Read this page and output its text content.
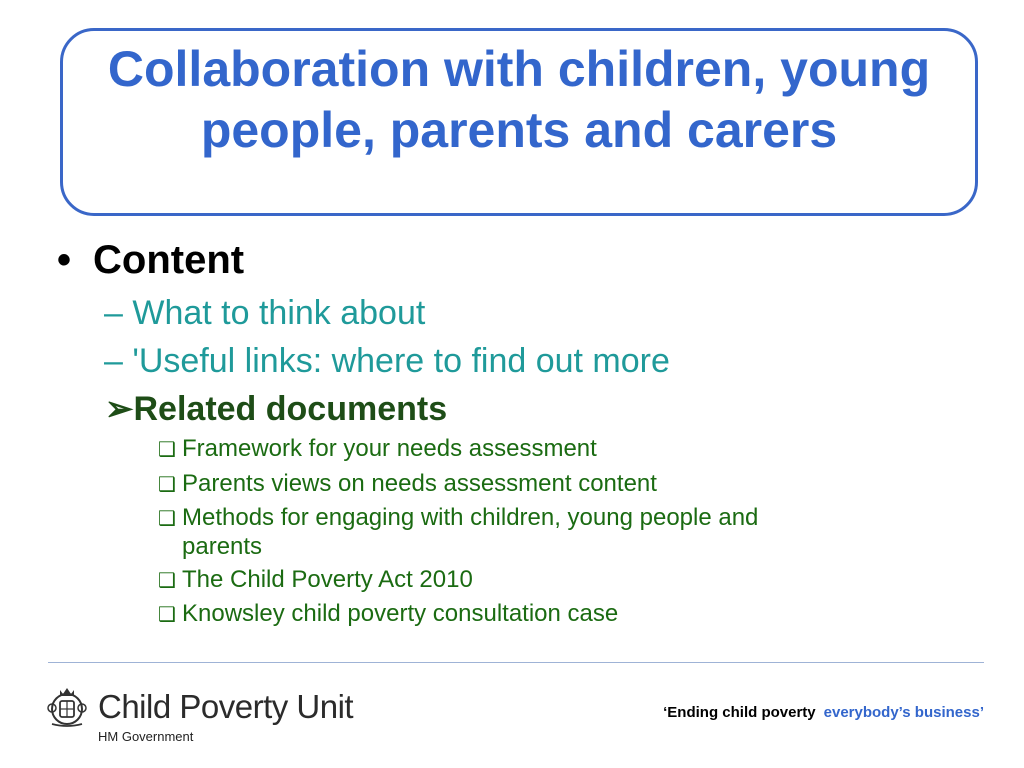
Collaboration with children, young people, parents and carers
• Content
– What to think about
– 'Useful links: where to find out more
➢Related documents
❑ Framework for your needs assessment
❑ Parents views on needs assessment content
❑ Methods for engaging with children, young people and
parents
❑ The Child Poverty Act 2010
❑ Knowsley child poverty consultation case
Child Poverty Unit
HM Government
‘Ending child poverty everybody’s business’
